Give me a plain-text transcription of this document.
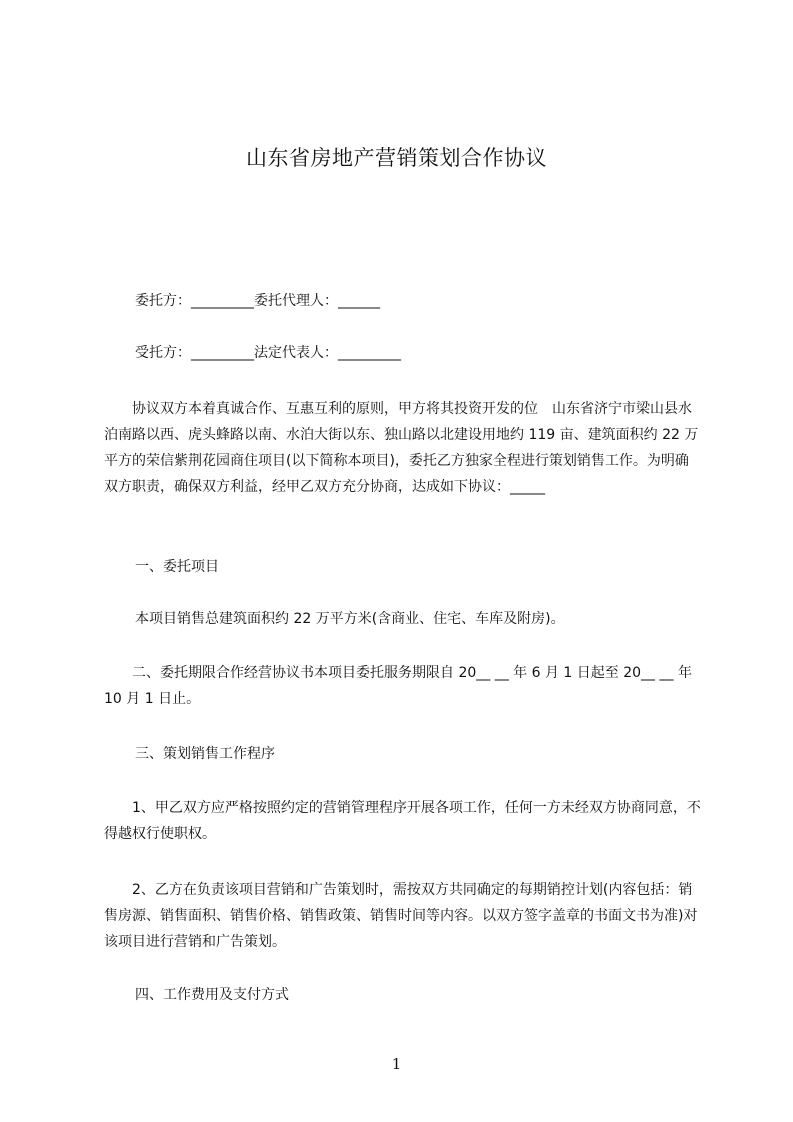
山东省房地产营销策划合作协议

委托方：_________委托代理人：______

受托方：_________法定代表人：_________

协议双方本着真诚合作、互惠互利的原则，甲方将其投资开发的位　山东省济宁市梁山县水泊南路以西、虎头蜂路以南、水泊大街以东、独山路以北建设用地约 119 亩、建筑面积约 22 万平方的荣信紫荆花园商住项目(以下简称本项目)，委托乙方独家全程进行策划销售工作。为明确双方职责，确保双方利益，经甲乙双方充分协商，达成如下协议：_____

一、委托项目

本项目销售总建筑面积约 22 万平方米(含商业、住宅、车库及附房)。

二、委托期限合作经营协议书本项目委托服务期限自 20__ __ 年 6 月 1 日起至 20__ __ 年 10 月 1 日止。

三、策划销售工作程序

1、甲乙双方应严格按照约定的营销管理程序开展各项工作，任何一方未经双方协商同意，不得越权行使职权。

2、乙方在负责该项目营销和广告策划时，需按双方共同确定的每期销控计划(内容包括：销售房源、销售面积、销售价格、销售政策、销售时间等内容。以双方签字盖章的书面文书为准)对该项目进行营销和广告策划。

四、工作费用及支付方式

1
